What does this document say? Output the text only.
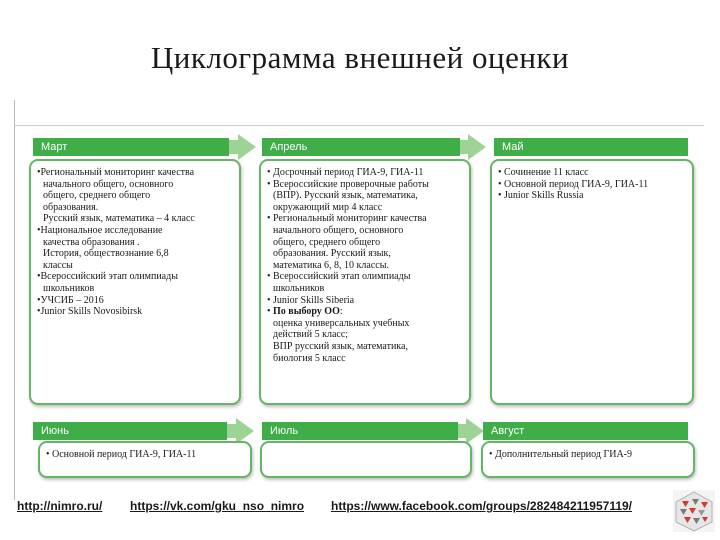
Циклограмма внешней оценки
Март	Апрель	Май
•Региональный мониторинг качества
начального общего, основного
общего, среднего общего
образования.
Русский язык, математика – 4 класс
•Национальное исследование
качества образования .
История, обществознание 6,8
классы
•Всероссийский этап олимпиады
школьников
•УЧСИБ – 2016
•Junior Skills Novosibirsk
• Досрочный период ГИА-9, ГИА-11
• Всероссийские проверочные работы
(ВПР). Русский язык, математика,
окружающий мир 4 класс
• Региональный мониторинг качества
начального общего, основного
общего, среднего общего
образования. Русский язык,
математика 6, 8, 10 классы.
• Всероссийский этап олимпиады
школьников
• Junior Skills Siberia
• По выбору ОО:
оценка универсальных учебных
действий 5 класс;
ВПР русский язык, математика,
биология 5 класс
• Сочинение 11 класс
• Основной период ГИА-9, ГИА-11
• Junior Skills Russia
Июнь	Июль	Август
• Основной период ГИА-9, ГИА-11	• Дополнительный период ГИА-9
http://nimro.ru/ https://vk.com/gku_nso_nimro https://www.facebook.com/groups/282484211957119/
